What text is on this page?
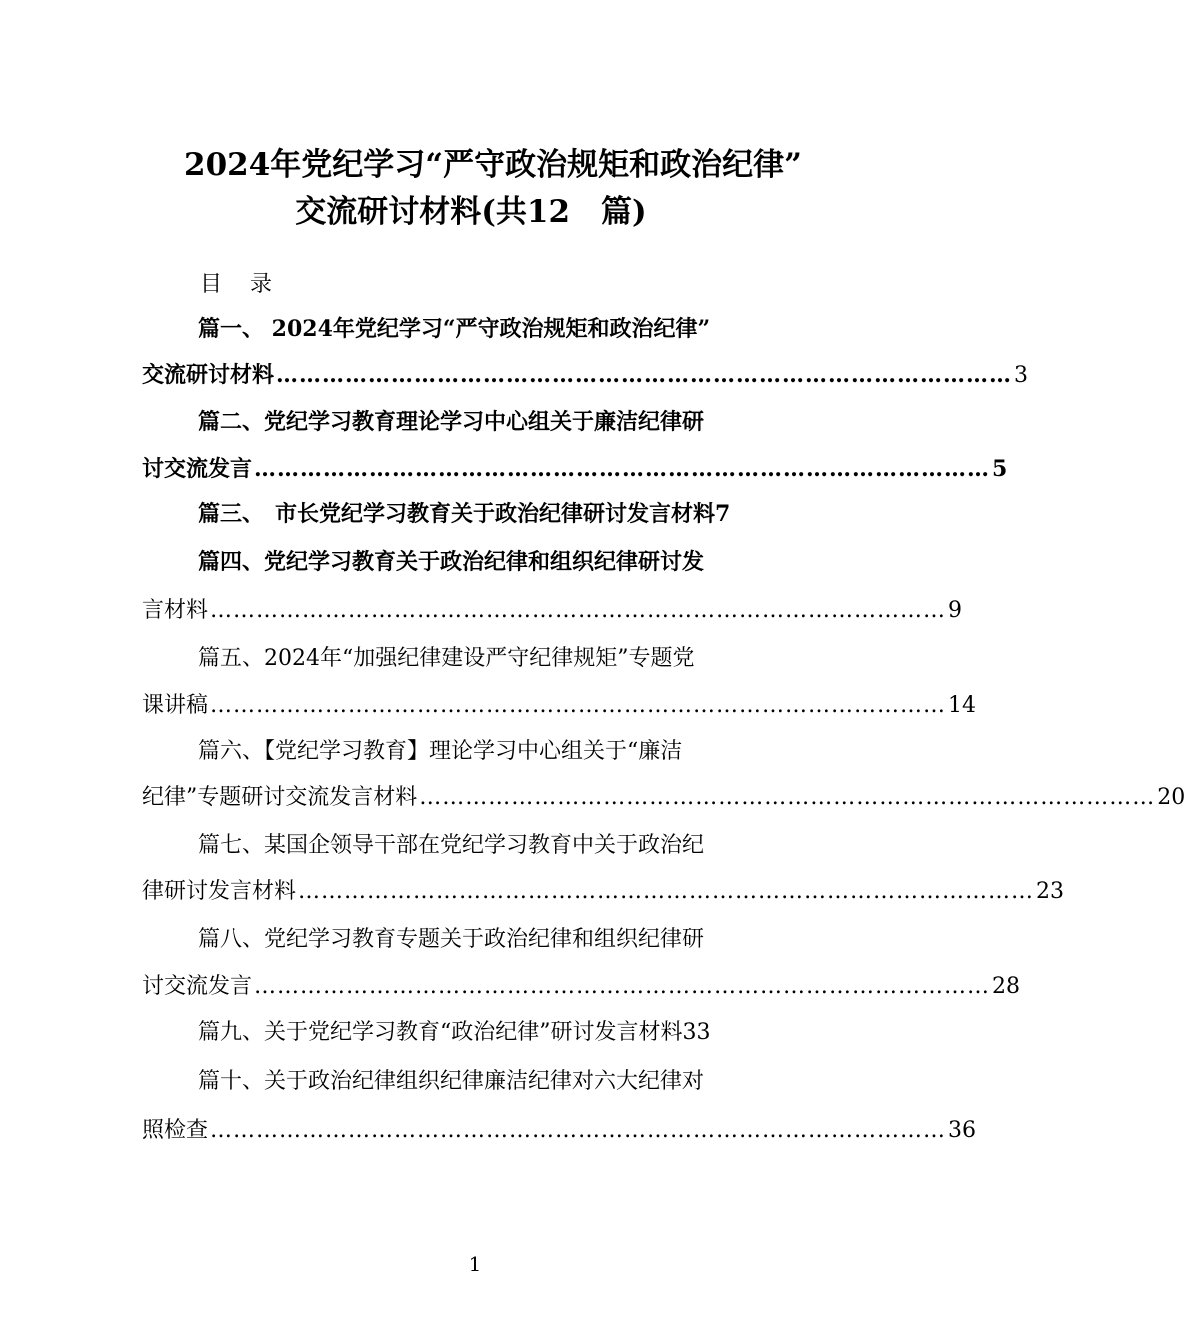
2024年党纪学习“严守政治规矩和政治纪律”
交流研讨材料(共12　篇)
目录
篇一、 2024年党纪学习“严守政治规矩和政治纪律”
交流研讨材料 …………………………………………………………………………………… 3
篇二、党纪学习教育理论学习中心组关于廉洁纪律研
讨交流发言 …………………………………………………………………………………… 5
篇三、　市长党纪学习教育关于政治纪律研讨发言材料7
篇四、党纪学习教育关于政治纪律和组织纪律研讨发
言材料 …………………………………………………………………………………… 9
篇五、2024年“加强纪律建设严守纪律规矩”专题党
课讲稿 …………………………………………………………………………………… 14
篇六、【党纪学习教育】理论学习中心组关于“廉洁
纪律”专题研讨交流发言材料 …………………………………………………………………………………… 20
篇七、某国企领导干部在党纪学习教育中关于政治纪
律研讨发言材料 …………………………………………………………………………………… 23
篇八、党纪学习教育专题关于政治纪律和组织纪律研
讨交流发言 …………………………………………………………………………………… 28
篇九、关于党纪学习教育“政治纪律”研讨发言材料33
篇十、关于政治纪律组织纪律廉洁纪律对六大纪律对
照检查 …………………………………………………………………………………… 36
1
